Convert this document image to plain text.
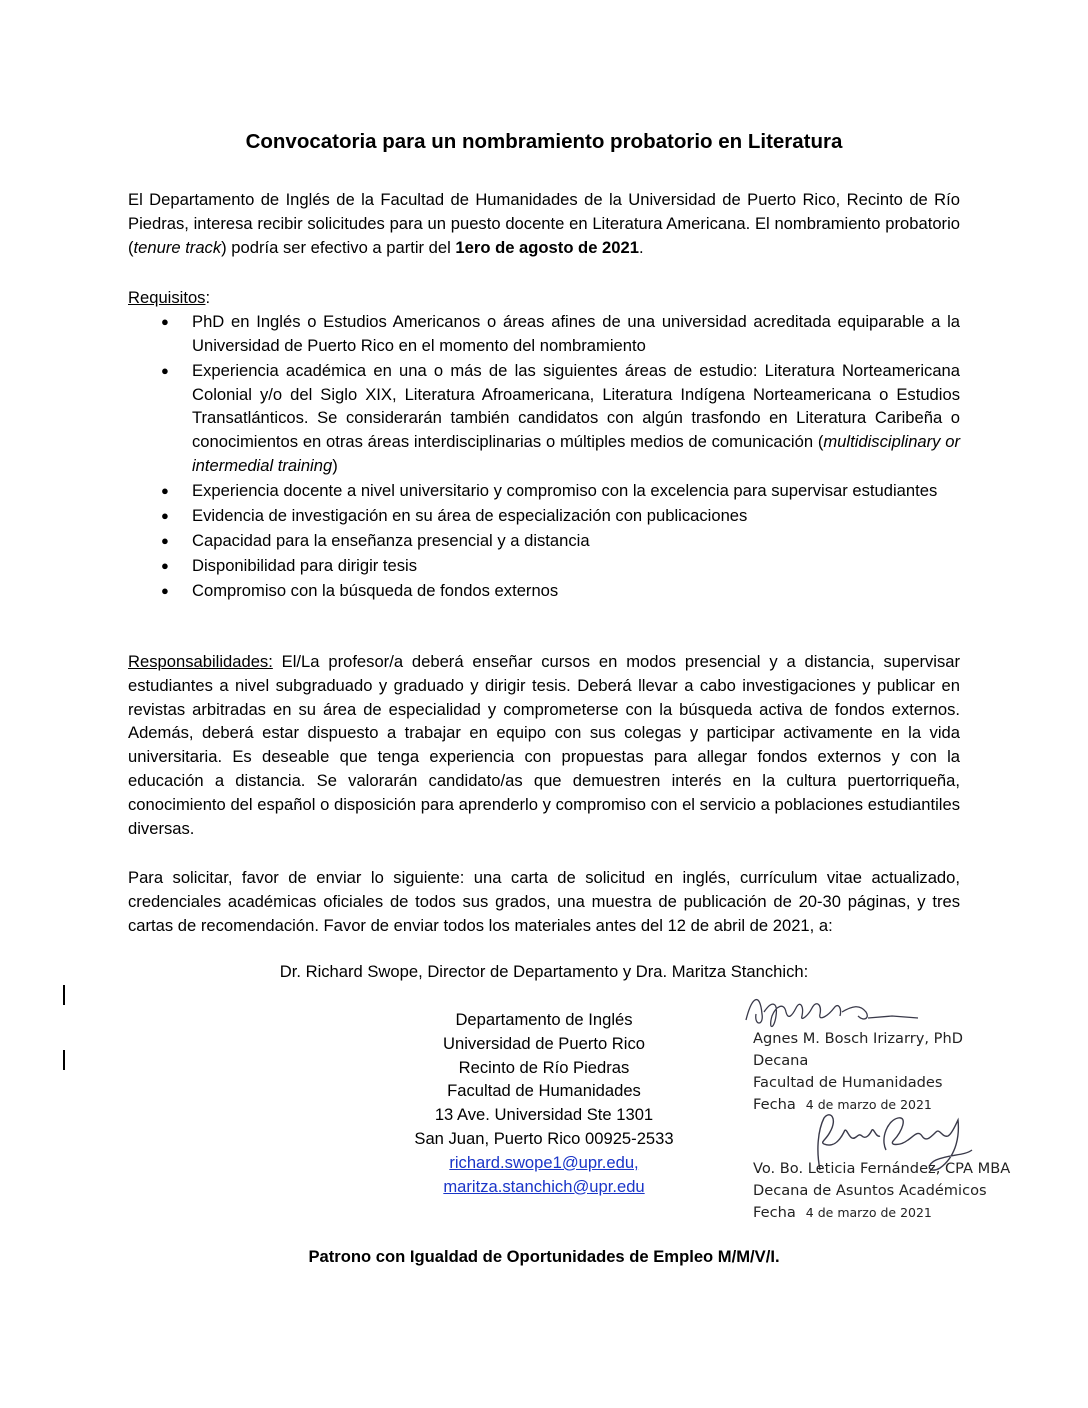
Convocatoria para un nombramiento probatorio en Literatura

El Departamento de Inglés de la Facultad de Humanidades de la Universidad de Puerto Rico, Recinto de Río Piedras, interesa recibir solicitudes para un puesto docente en Literatura Americana. El nombramiento probatorio (tenure track) podría ser efectivo a partir del 1ero de agosto de 2021.

Requisitos:

● PhD en Inglés o Estudios Americanos o áreas afines de una universidad acreditada equiparable a la Universidad de Puerto Rico en el momento del nombramiento
● Experiencia académica en una o más de las siguientes áreas de estudio: Literatura Norteamericana Colonial y/o del Siglo XIX, Literatura Afroamericana, Literatura Indígena Norteamericana o Estudios Transatlánticos. Se considerarán también candidatos con algún trasfondo en Literatura Caribeña o conocimientos en otras áreas interdisciplinarias o múltiples medios de comunicación (multidisciplinary or intermedial training)
● Experiencia docente a nivel universitario y compromiso con la excelencia para supervisar estudiantes
● Evidencia de investigación en su área de especialización con publicaciones
● Capacidad para la enseñanza presencial y a distancia
● Disponibilidad para dirigir tesis
● Compromiso con la búsqueda de fondos externos

Responsabilidades: El/La profesor/a deberá enseñar cursos en modos presencial y a distancia, supervisar estudiantes a nivel subgraduado y graduado y dirigir tesis. Deberá llevar a cabo investigaciones y publicar en revistas arbitradas en su área de especialidad y comprometerse con la búsqueda activa de fondos externos. Además, deberá estar dispuesto a trabajar en equipo con sus colegas y participar activamente en la vida universitaria. Es deseable que tenga experiencia con propuestas para allegar fondos externos y con la educación a distancia. Se valorarán candidato/as que demuestren interés en la cultura puertorriqueña, conocimiento del español o disposición para aprenderlo y compromiso con el servicio a poblaciones estudiantiles diversas.

Para solicitar, favor de enviar lo siguiente: una carta de solicitud en inglés, currículum vitae actualizado, credenciales académicas oficiales de todos sus grados, una muestra de publicación de 20-30 páginas, y tres cartas de recomendación. Favor de enviar todos los materiales antes del 12 de abril de 2021, a:

Dr. Richard Swope, Director de Departamento y Dra. Maritza Stanchich:

Departamento de Inglés
Universidad de Puerto Rico
Recinto de Río Piedras
Facultad de Humanidades
13 Ave. Universidad Ste 1301
San Juan, Puerto Rico 00925-2533
richard.swope1@upr.edu,
maritza.stanchich@upr.edu
Agnes M. Bosch Irizarry, PhD
Decana
Facultad de Humanidades
Fecha 4 de marzo de 2021
Vo. Bo. Leticia Fernández, CPA MBA
Decana de Asuntos Académicos
Fecha 4 de marzo de 2021

Patrono con Igualdad de Oportunidades de Empleo M/M/V/I.
